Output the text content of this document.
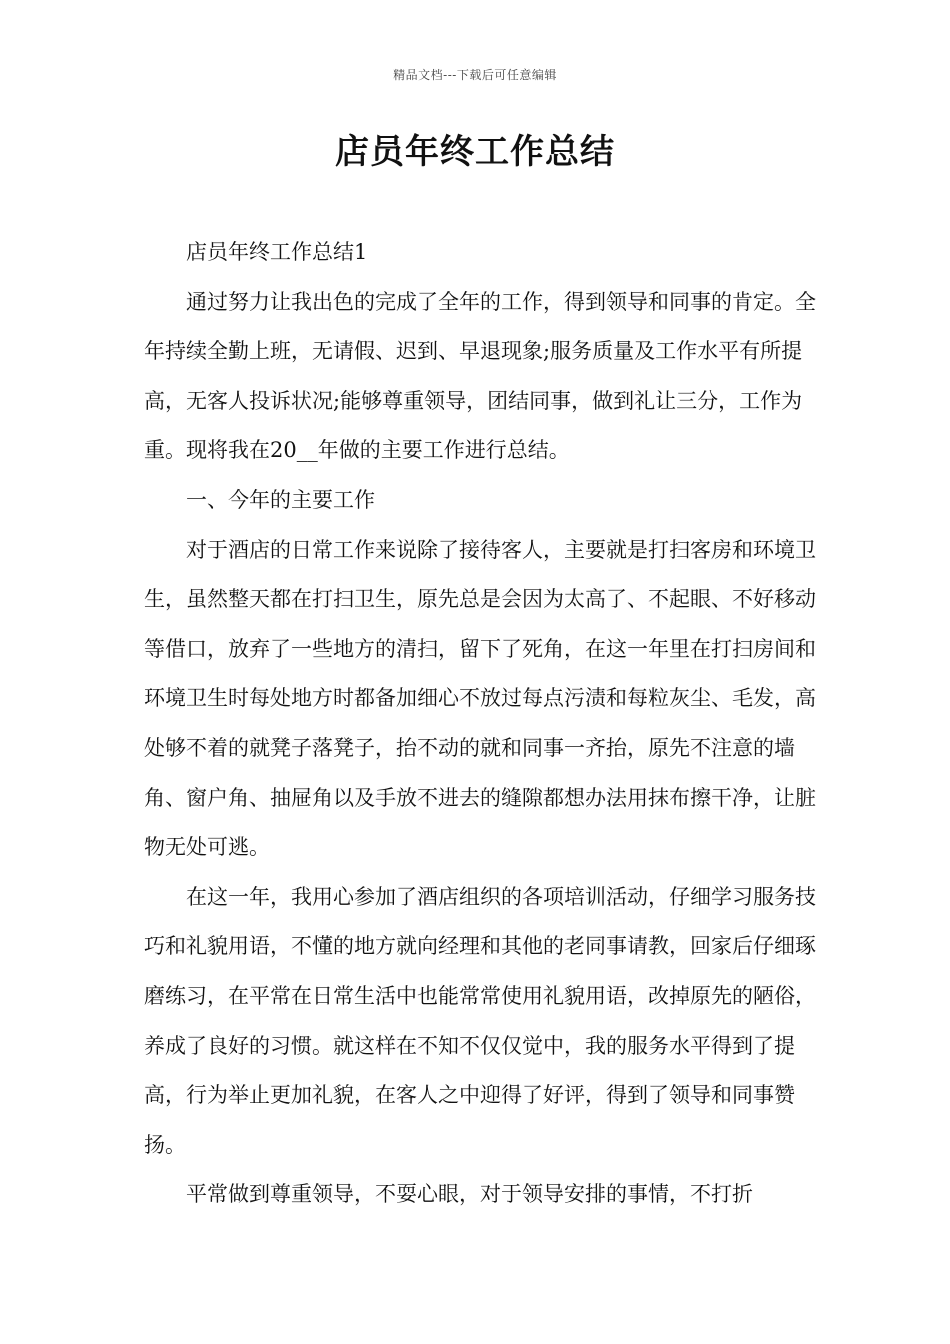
精品文档---下载后可任意编辑
店员年终工作总结

店员年终工作总结1

通过努力让我出色的完成了全年的工作，得到领导和同事的肯定。全年持续全勤上班，无请假、迟到、早退现象;服务质量及工作水平有所提高，无客人投诉状况;能够尊重领导，团结同事，做到礼让三分，工作为重。现将我在20__年做的主要工作进行总结。

一、今年的主要工作

对于酒店的日常工作来说除了接待客人，主要就是打扫客房和环境卫生，虽然整天都在打扫卫生，原先总是会因为太高了、不起眼、不好移动等借口，放弃了一些地方的清扫，留下了死角，在这一年里在打扫房间和环境卫生时每处地方时都备加细心不放过每点污渍和每粒灰尘、毛发，高处够不着的就凳子落凳子，抬不动的就和同事一齐抬，原先不注意的墙角、窗户角、抽屉角以及手放不进去的缝隙都想办法用抹布擦干净，让脏物无处可逃。

在这一年，我用心参加了酒店组织的各项培训活动，仔细学习服务技巧和礼貌用语，不懂的地方就向经理和其他的老同事请教，回家后仔细琢磨练习，在平常在日常生活中也能常常使用礼貌用语，改掉原先的陋俗，养成了良好的习惯。就这样在不知不仅仅觉中，我的服务水平得到了提高，行为举止更加礼貌，在客人之中迎得了好评，得到了领导和同事赞扬。

平常做到尊重领导，不耍心眼，对于领导安排的事情，不打折
